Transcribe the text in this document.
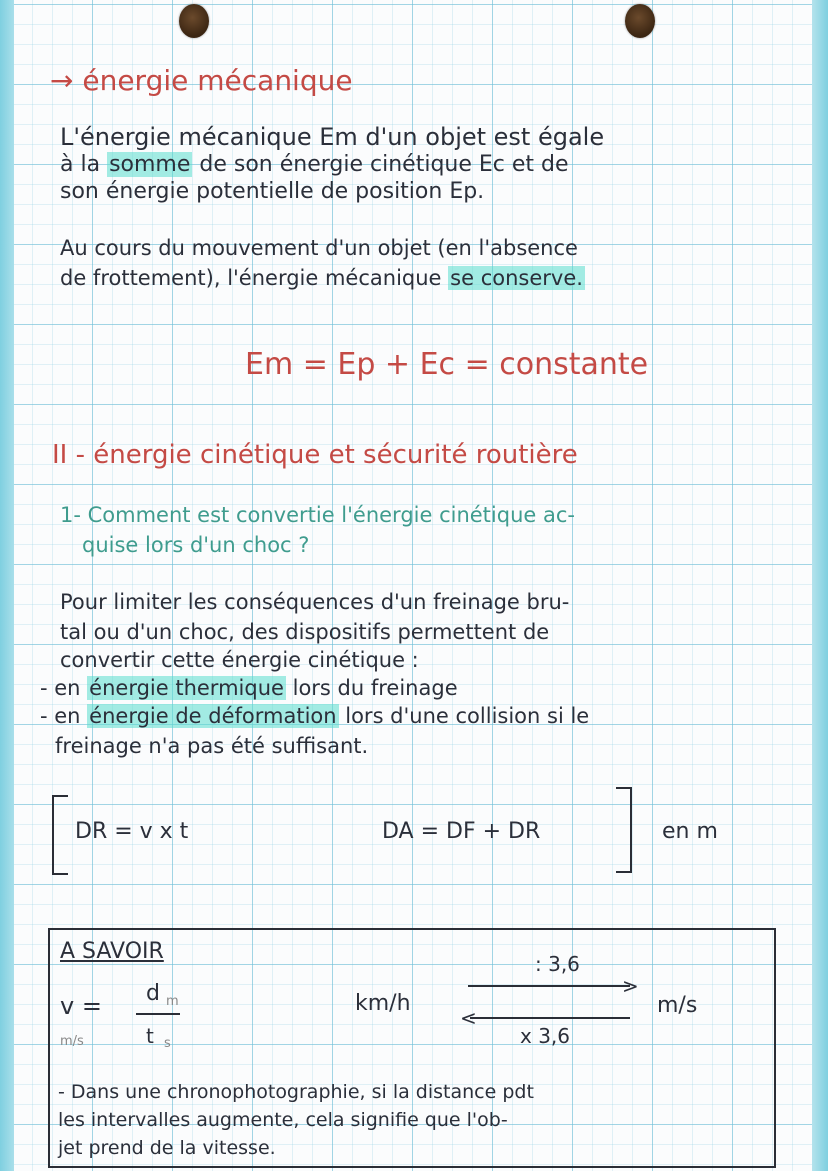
→ énergie mécanique
L'énergie mécanique Em d'un objet est égale
à la somme de son énergie cinétique Ec et de
son énergie potentielle de position Ep.
Au cours du mouvement d'un objet (en l'absence
de frottement), l'énergie mécanique se conserve.
Em = Ep + Ec = constante
II - énergie cinétique et sécurité routière
1- Comment est convertie l'énergie cinétique ac-
quise lors d'un choc ?
Pour limiter les conséquences d'un freinage bru-
tal ou d'un choc, des dispositifs permettent de
convertir cette énergie cinétique :
- en énergie thermique lors du freinage
- en énergie de déformation lors d'une collision si le
freinage n'a pas été suffisant.
DR = v x t	DA = DF + DR	en m
A SAVOIR
v =
m/s
d m
t s
km/h
: 3,6
>
<
x 3,6
m/s
- Dans une chronophotographie, si la distance pdt
les intervalles augmente, cela signifie que l'ob-
jet prend de la vitesse.
